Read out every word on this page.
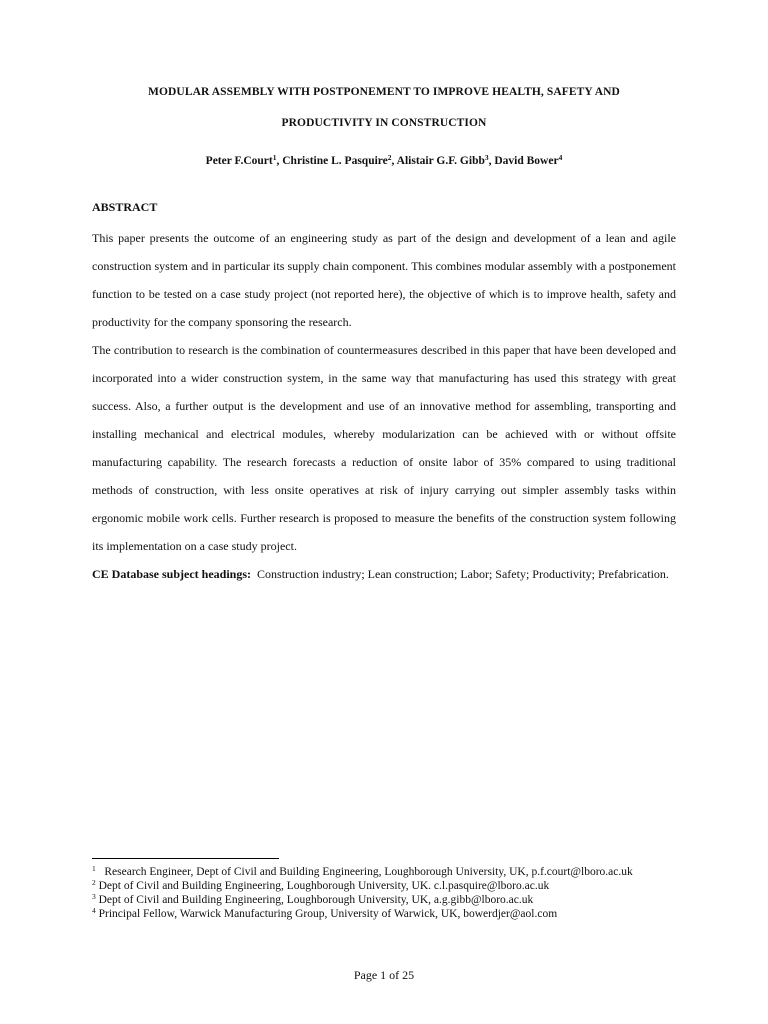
MODULAR ASSEMBLY WITH POSTPONEMENT TO IMPROVE HEALTH, SAFETY AND
PRODUCTIVITY IN CONSTRUCTION
Peter F.Court$^1$, Christine L. Pasquire$^2$, Alistair G.F. Gibb$^3$, David Bower$^4$
ABSTRACT

This paper presents the outcome of an engineering study as part of the design and development of a lean and agile construction system and in particular its supply chain component. This combines modular assembly with a postponement function to be tested on a case study project (not reported here), the objective of which is to improve health, safety and productivity for the company sponsoring the research.

The contribution to research is the combination of countermeasures described in this paper that have been developed and incorporated into a wider construction system, in the same way that manufacturing has used this strategy with great success. Also, a further output is the development and use of an innovative method for assembling, transporting and installing mechanical and electrical modules, whereby modularization can be achieved with or without offsite manufacturing capability. The research forecasts a reduction of onsite labor of 35% compared to using traditional methods of construction, with less onsite operatives at risk of injury carrying out simpler assembly tasks within ergonomic mobile work cells. Further research is proposed to measure the benefits of the construction system following its implementation on a case study project.

CE Database subject headings: Construction industry; Lean construction; Labor; Safety; Productivity; Prefabrication.

$^1$ Research Engineer, Dept of Civil and Building Engineering, Loughborough University, UK, p.f.court@lboro.ac.uk
$^2$ Dept of Civil and Building Engineering, Loughborough University, UK. c.l.pasquire@lboro.ac.uk
$^3$ Dept of Civil and Building Engineering, Loughborough University, UK, a.g.gibb@lboro.ac.uk
$^4$ Principal Fellow, Warwick Manufacturing Group, University of Warwick, UK, bowerdjer@aol.com
Page 1 of 25
